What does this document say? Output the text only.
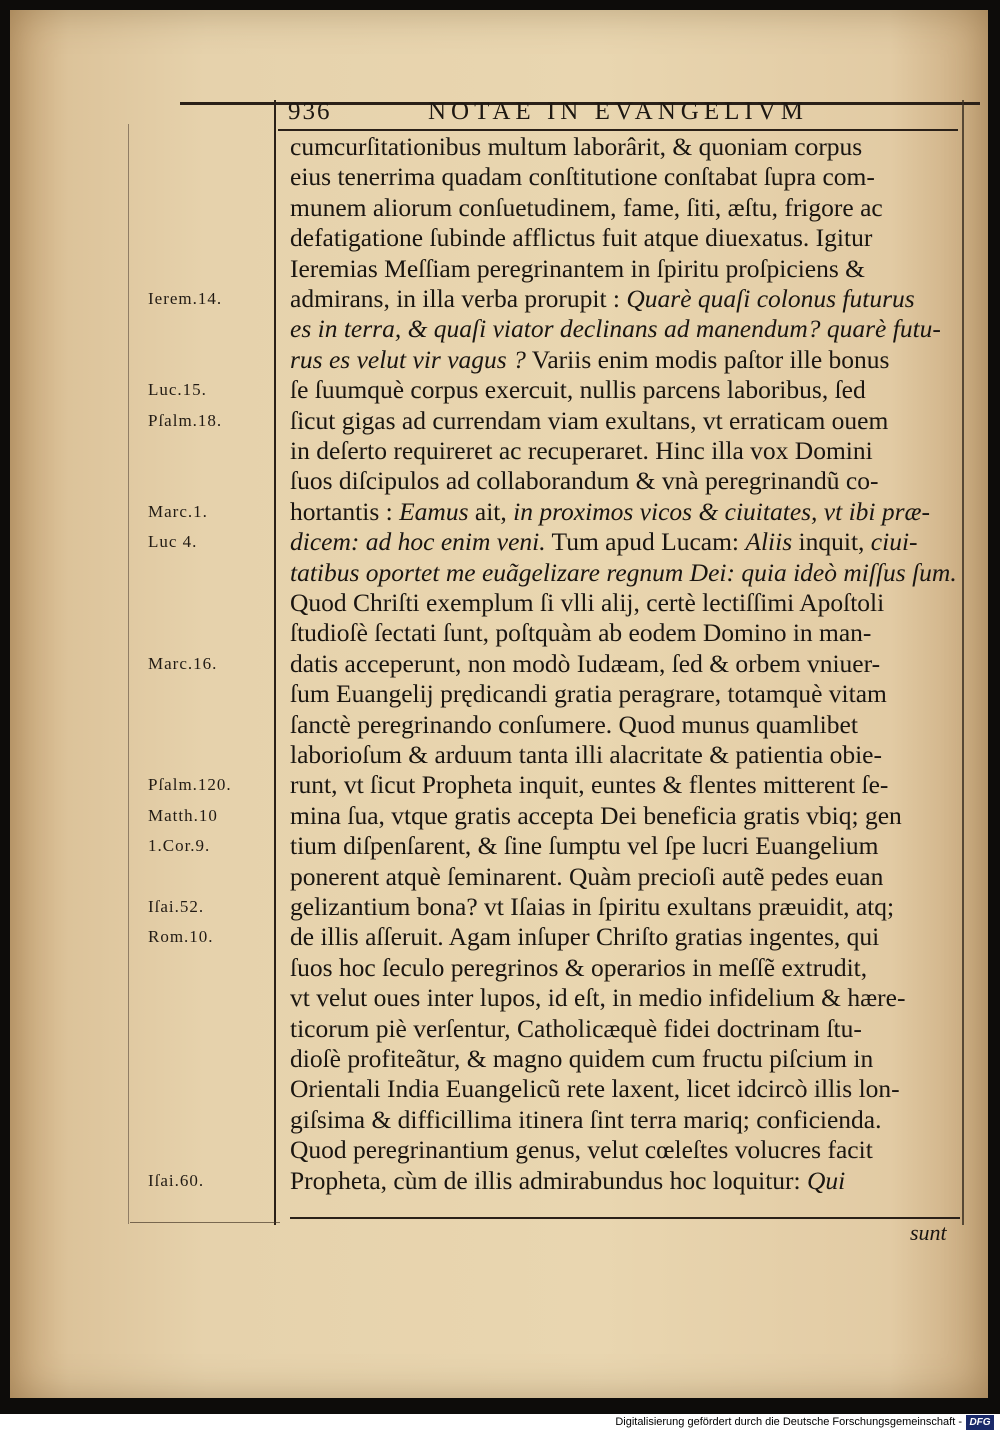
936	NOTAE IN EVANGELIVM
cumcurſitationibus multum laborârit, & quoniam corpus
eius tenerrima quadam conſtitutione conſtabat ſupra com-
munem aliorum conſuetudinem, fame, ſiti, æſtu, frigore ac
defatigatione ſubinde afflictus fuit atque diuexatus. Igitur
Ieremias Meſſiam peregrinantem in ſpiritu proſpiciens &
admirans, in illa verba prorupit : Quarè quaſi colonus futurus
es in terra, & quaſi viator declinans ad manendum? quarè futu-
rus es velut vir vagus ? Variis enim modis paſtor ille bonus
ſe ſuumquè corpus exercuit, nullis parcens laboribus, ſed
ſicut gigas ad currendam viam exultans, vt erraticam ouem
in deſerto requireret ac recuperaret. Hinc illa vox Domini
ſuos diſcipulos ad collaborandum & vnà peregrinandũ co-
hortantis : Eamus ait, in proximos vicos & ciuitates, vt ibi præ-
dicem: ad hoc enim veni. Tum apud Lucam: Aliis inquit, ciui-
tatibus oportet me euãgelizare regnum Dei: quia ideò miſſus ſum.
Quod Chriſti exemplum ſi vlli alij, certè lectiſſimi Apoſtoli
ſtudioſè ſectati ſunt, poſtquàm ab eodem Domino in man-
datis acceperunt, non modò Iudæam, ſed & orbem vniuer-
ſum Euangelij prędicandi gratia peragrare, totamquè vitam
ſanctè peregrinando conſumere. Quod munus quamlibet
laborioſum & arduum tanta illi alacritate & patientia obie-
runt, vt ſicut Propheta inquit, euntes & flentes mitterent ſe-
mina ſua, vtque gratis accepta Dei beneficia gratis vbiq; gen
tium diſpenſarent, & ſine ſumptu vel ſpe lucri Euangelium
ponerent atquè ſeminarent. Quàm precioſi autẽ pedes euan
gelizantium bona? vt Iſaias in ſpiritu exultans præuidit, atq;
de illis aſſeruit. Agam inſuper Chriſto gratias ingentes, qui
ſuos hoc ſeculo peregrinos & operarios in meſſẽ extrudit,
vt velut oues inter lupos, id eſt, in medio infidelium & hære-
ticorum piè verſentur, Catholicæquè fidei doctrinam ſtu-
dioſè profiteãtur, & magno quidem cum fructu piſcium in
Orientali India Euangelicũ rete laxent, licet idcircò illis lon-
giſsima & difficillima itinera ſint terra mariq; conficienda.
Quod peregrinantium genus, velut cœleſtes volucres facit
Propheta, cùm de illis admirabundus hoc loquitur: Qui
Ierem.14.
Luc.15.
Pſalm.18.
Marc.1.
Luc 4.
Marc.16.
Pſalm.120.
Matth.10
1.Cor.9.
Iſai.52.
Rom.10.
Iſai.60.
sunt
Digitalisierung gefördert durch die Deutsche Forschungsgemeinschaft - DFG
